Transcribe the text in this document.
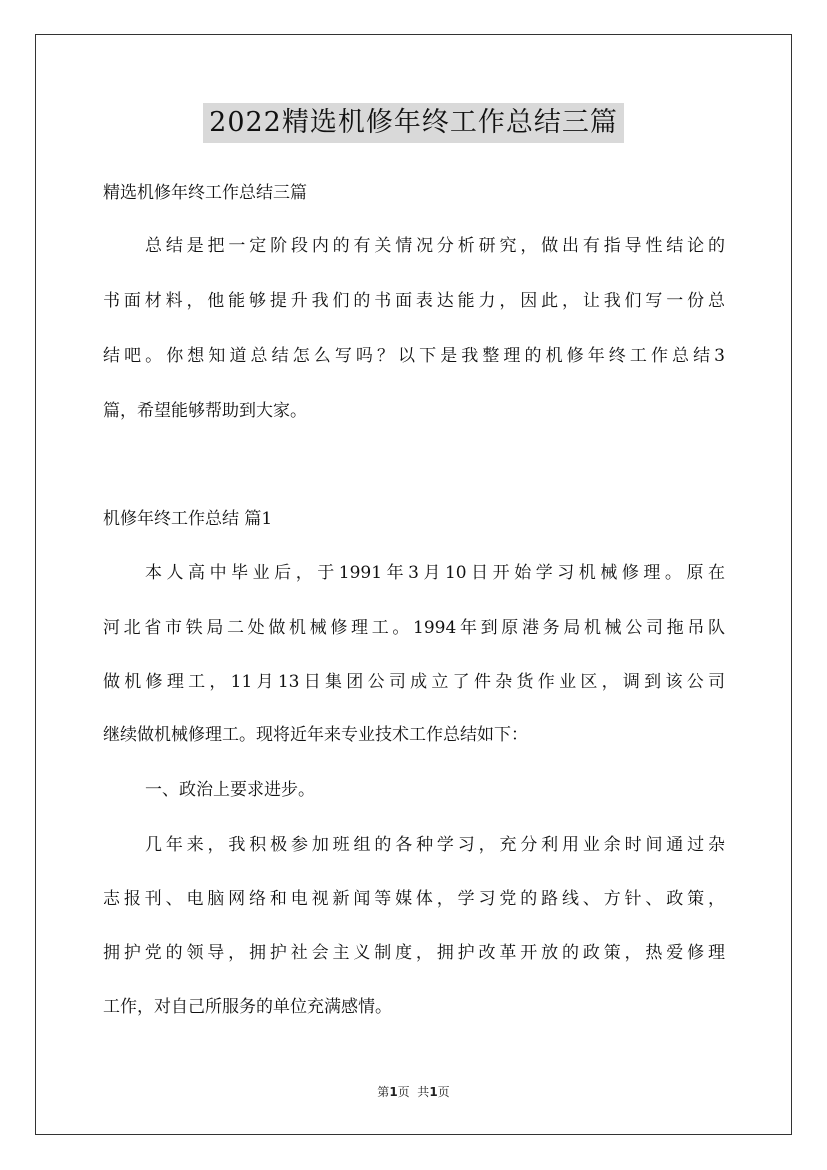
2022精选机修年终工作总结三篇
精选机修年终工作总结三篇
总结是把一定阶段内的有关情况分析研究，做出有指导性结论的
书面材料，他能够提升我们的书面表达能力，因此，让我们写一份总
结吧。你想知道总结怎么写吗？以下是我整理的机修年终工作总结3
篇，希望能够帮助到大家。
机修年终工作总结 篇1
本人高中毕业后，于1991年3月10日开始学习机械修理。原在
河北省市铁局二处做机械修理工。1994年到原港务局机械公司拖吊队
做机修理工，11月13日集团公司成立了件杂货作业区，调到该公司
继续做机械修理工。现将近年来专业技术工作总结如下：
一、政治上要求进步。
几年来，我积极参加班组的各种学习，充分利用业余时间通过杂
志报刊、电脑网络和电视新闻等媒体，学习党的路线、方针、政策，
拥护党的领导，拥护社会主义制度，拥护改革开放的政策，热爱修理
工作，对自己所服务的单位充满感情。
第1页  共1页
